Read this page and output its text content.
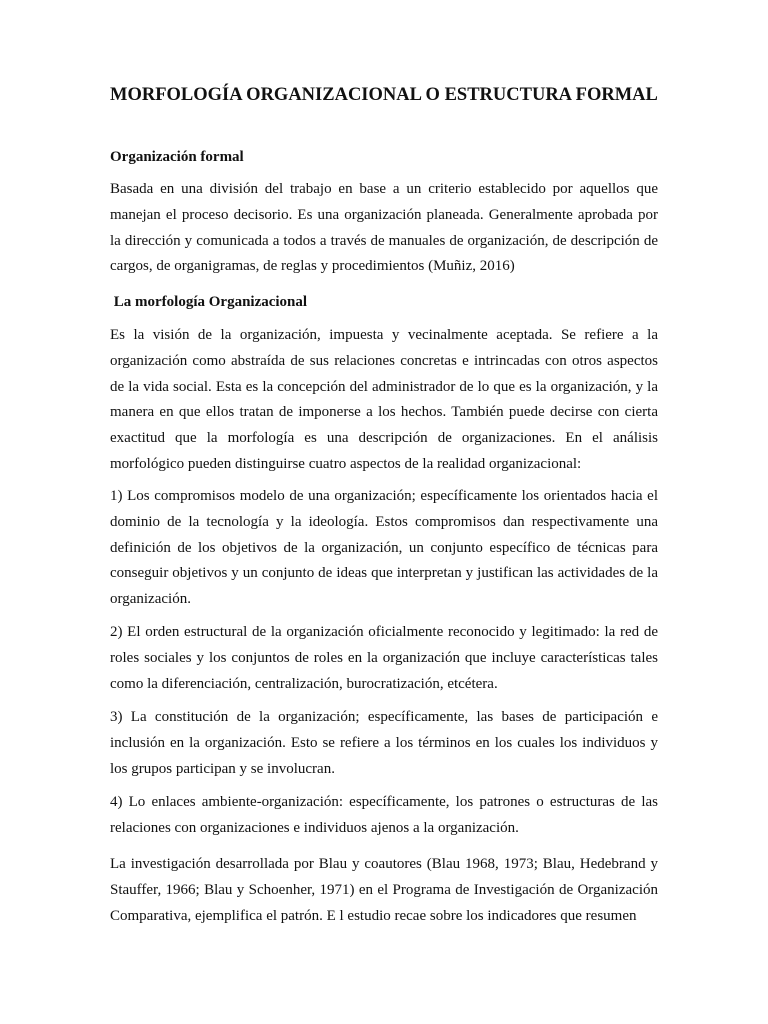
MORFOLOGÍA ORGANIZACIONAL O ESTRUCTURA FORMAL
Organización formal

Basada en una división del trabajo en base a un criterio establecido por aquellos que manejan el proceso decisorio. Es una organización planeada. Generalmente aprobada por la dirección y comunicada a todos a través de manuales de organización, de descripción de cargos, de organigramas, de reglas y procedimientos (Muñiz, 2016)

La morfología Organizacional

Es la visión de la organización, impuesta y vecinalmente aceptada. Se refiere a la organización como abstraída de sus relaciones concretas e intrincadas con otros aspectos de la vida social. Esta es la concepción del administrador de lo que es la organización, y la manera en que ellos tratan de imponerse a los hechos. También puede decirse con cierta exactitud que la morfología es una descripción de organizaciones. En el análisis morfológico pueden distinguirse cuatro aspectos de la realidad organizacional:

1) Los compromisos modelo de una organización; específicamente los orientados hacia el dominio de la tecnología y la ideología. Estos compromisos dan respectivamente una definición de los objetivos de la organización, un conjunto específico de técnicas para conseguir objetivos y un conjunto de ideas que interpretan y justifican las actividades de la organización.

2) El orden estructural de la organización oficialmente reconocido y legitimado: la red de roles sociales y los conjuntos de roles en la organización que incluye características tales como la diferenciación, centralización, burocratización, etcétera.

3) La constitución de la organización; específicamente, las bases de participación e inclusión en la organización. Esto se refiere a los términos en los cuales los individuos y los grupos participan y se involucran.

4) Lo enlaces ambiente-organización: específicamente, los patrones o estructuras de las relaciones con organizaciones e individuos ajenos a la organización.

La investigación desarrollada por Blau y coautores (Blau 1968, 1973; Blau, Hedebrand y Stauffer, 1966; Blau y Schoenher, 1971) en el Programa de Investigación de Organización Comparativa, ejemplifica el patrón. E l estudio recae sobre los indicadores que resumen
